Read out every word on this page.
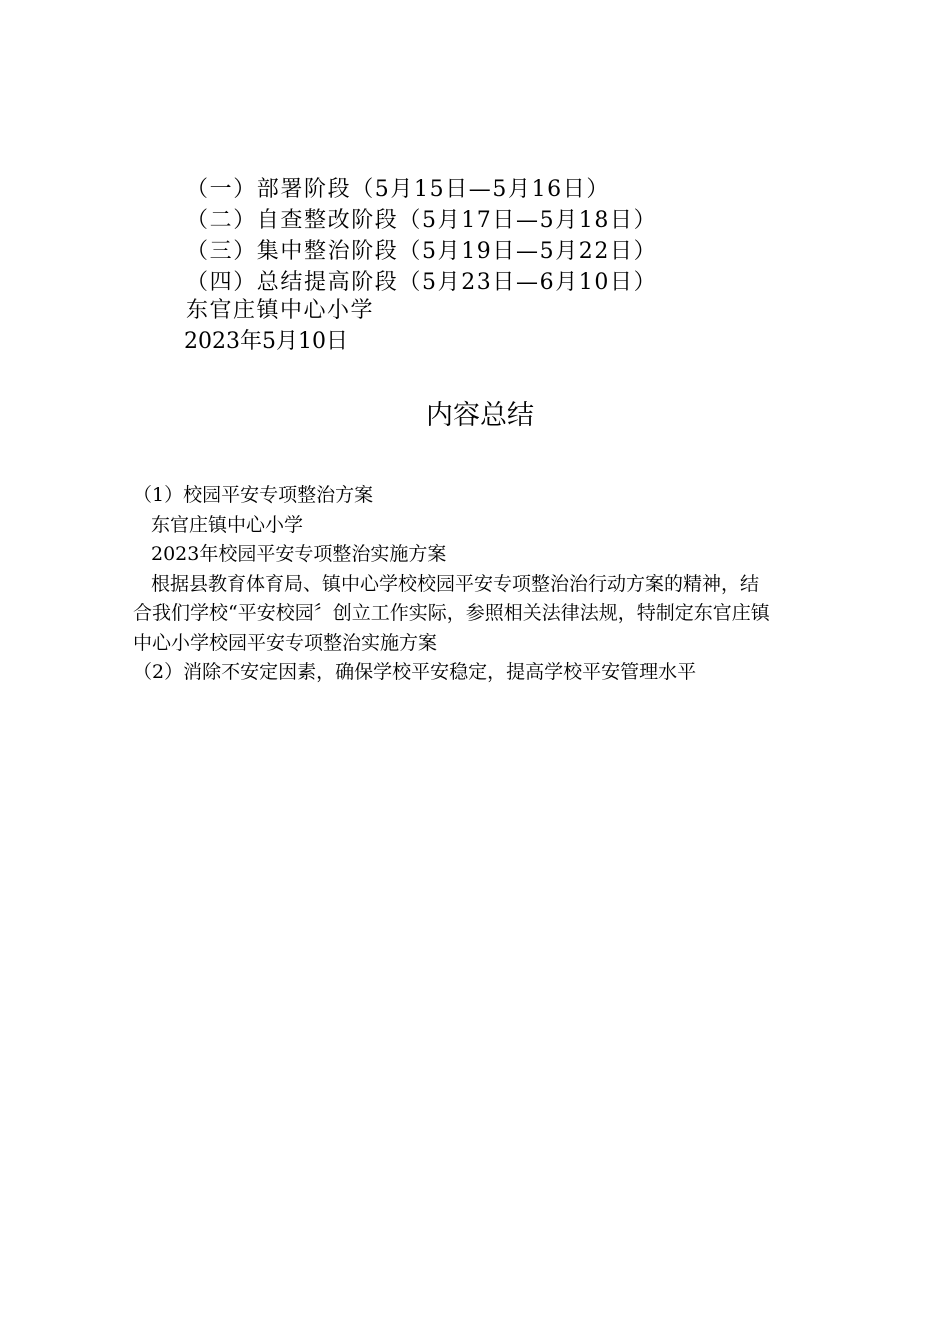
（一）部署阶段（5月15日—5月16日）
（二）自查整改阶段（5月17日—5月18日）
（三）集中整治阶段（5月19日—5月22日）
（四）总结提高阶段（5月23日—6月10日）
东官庄镇中心小学
2023年5月10日
内容总结
（1）校园平安专项整治方案
东官庄镇中心小学
2023年校园平安专项整治实施方案
根据县教育体育局、镇中心学校校园平安专项整治治行动方案的精神，结
合我们学校“平安校园〞创立工作实际，参照相关法律法规，特制定东官庄镇
中心小学校园平安专项整治实施方案
（2）消除不安定因素，确保学校平安稳定，提高学校平安管理水平
